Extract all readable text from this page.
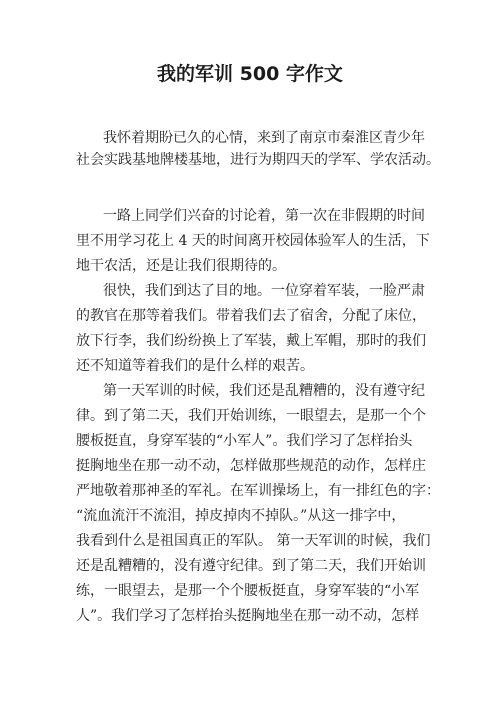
我的军训 500 字作文
我怀着期盼已久的心情，来到了南京市秦淮区青少年
社会实践基地牌楼基地，进行为期四天的学军、学农活动。
一路上同学们兴奋的讨论着，第一次在非假期的时间
里不用学习花上 4 天的时间离开校园体验军人的生活，下
地干农活，还是让我们很期待的。
很快，我们到达了目的地。一位穿着军装，一脸严肃
的教官在那等着我们。带着我们去了宿舍，分配了床位，
放下行李，我们纷纷换上了军装，戴上军帽，那时的我们
还不知道等着我们的是什么样的艰苦。
第一天军训的时候，我们还是乱糟糟的，没有遵守纪
律。到了第二天，我们开始训练，一眼望去，是那一个个
腰板挺直，身穿军装的“小军人”。我们学习了怎样抬头
挺胸地坐在那一动不动，怎样做那些规范的动作，怎样庄
严地敬着那神圣的军礼。在军训操场上，有一排红色的字：
“流血流汗不流泪，掉皮掉肉不掉队。”从这一排字中，
我看到什么是祖国真正的军队。 第一天军训的时候，我们
还是乱糟糟的，没有遵守纪律。到了第二天，我们开始训
练，一眼望去，是那一个个腰板挺直，身穿军装的“小军
人”。我们学习了怎样抬头挺胸地坐在那一动不动，怎样
